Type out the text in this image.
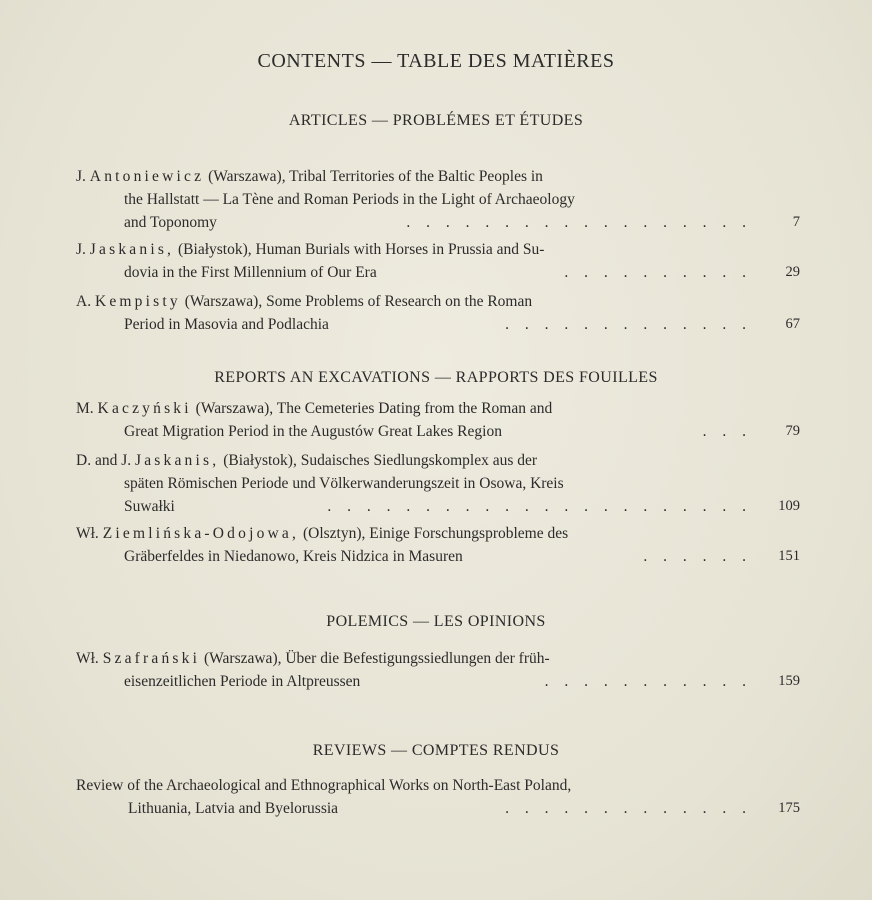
CONTENTS — TABLE DES MATIÈRES
ARTICLES — PROBLÉMES ET ÉTUDES
J. Antoniewicz (Warszawa), Tribal Territories of the Baltic Peoples in
the Hallstatt — La Tène and Roman Periods in the Light of Archaeology
and Toponomy	. . . . . . . . . . . . . . . . . .	7
J. Jaskanis, (Białystok), Human Burials with Horses in Prussia and Su-
dovia in the First Millennium of Our Era	. . . . . . . . . . 29
A. Kempisty (Warszawa), Some Problems of Research on the Roman
Period in Masovia and Podlachia	. . . . . . . . . . . . . 67
REPORTS AN EXCAVATIONS — RAPPORTS DES FOUILLES
M. Kaczyński (Warszawa), The Cemeteries Dating from the Roman and
Great Migration Period in the Augustów Great Lakes Region	. . . 79
D. and J. Jaskanis, (Białystok), Sudaisches Siedlungskomplex aus der
späten Römischen Periode und Völkerwanderungszeit in Osowa, Kreis
Suwałki	. . . . . . . . . . . . . . . . . . . . . . 109
Wł. Ziemlińska-Odojowa, (Olsztyn), Einige Forschungsprobleme des
Gräberfeldes in Niedanowo, Kreis Nidzica in Masuren	. . . . . . 151
POLEMICS — LES OPINIONS
Wł. Szafrański (Warszawa), Über die Befestigungssiedlungen der früh-
eisenzeitlichen Periode in Altpreussen	. . . . . . . . . . . 159
REVIEWS — COMPTES RENDUS
Review of the Archaeological and Ethnographical Works on North-East Poland,
Lithuania, Latvia and Byelorussia	. . . . . . . . . . . . . 175
